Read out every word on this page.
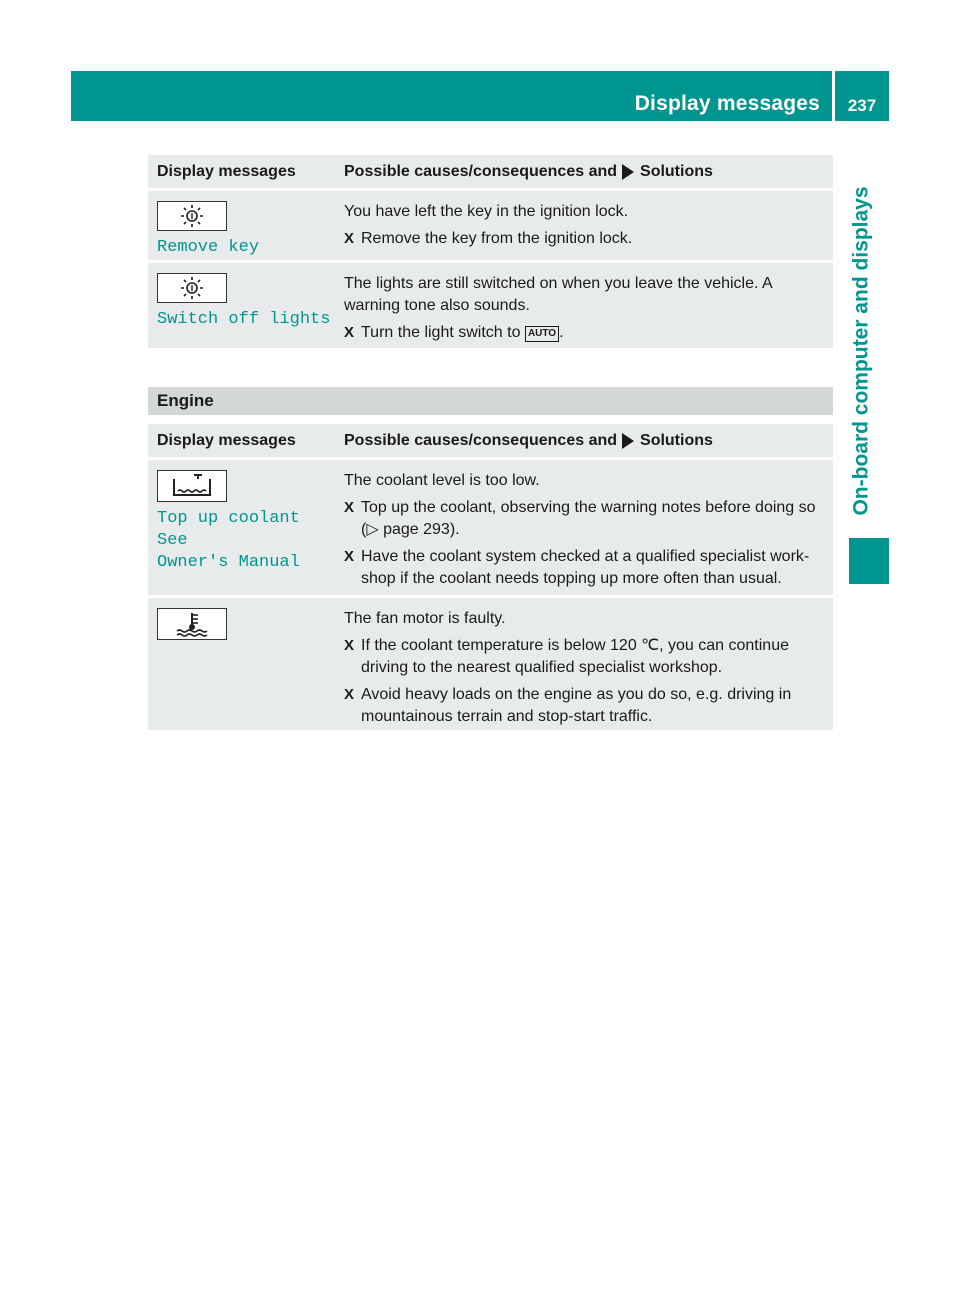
Display messages 237
On-board computer and displays
Display messages	Possible causes/consequences and Solutions
Remove key

You have left the key in the ignition lock.

X Remove the key from the ignition lock.
Switch off lights

The lights are still switched on when you leave the vehicle. A warning tone also sounds.

X Turn the light switch to AUTO .
Engine
Display messages	Possible causes/consequences and Solutions
Top up coolant See
Owner's Manual

The coolant level is too low.

X Top up the coolant, observing the warning notes before doing so (▷ page 293).
X Have the coolant system checked at a qualified specialist workshop if the coolant needs topping up more often than usual.

The fan motor is faulty.

X If the coolant temperature is below 120 ℃, you can continue driving to the nearest qualified specialist workshop.
X Avoid heavy loads on the engine as you do so, e.g. driving in mountainous terrain and stop-start traffic.
